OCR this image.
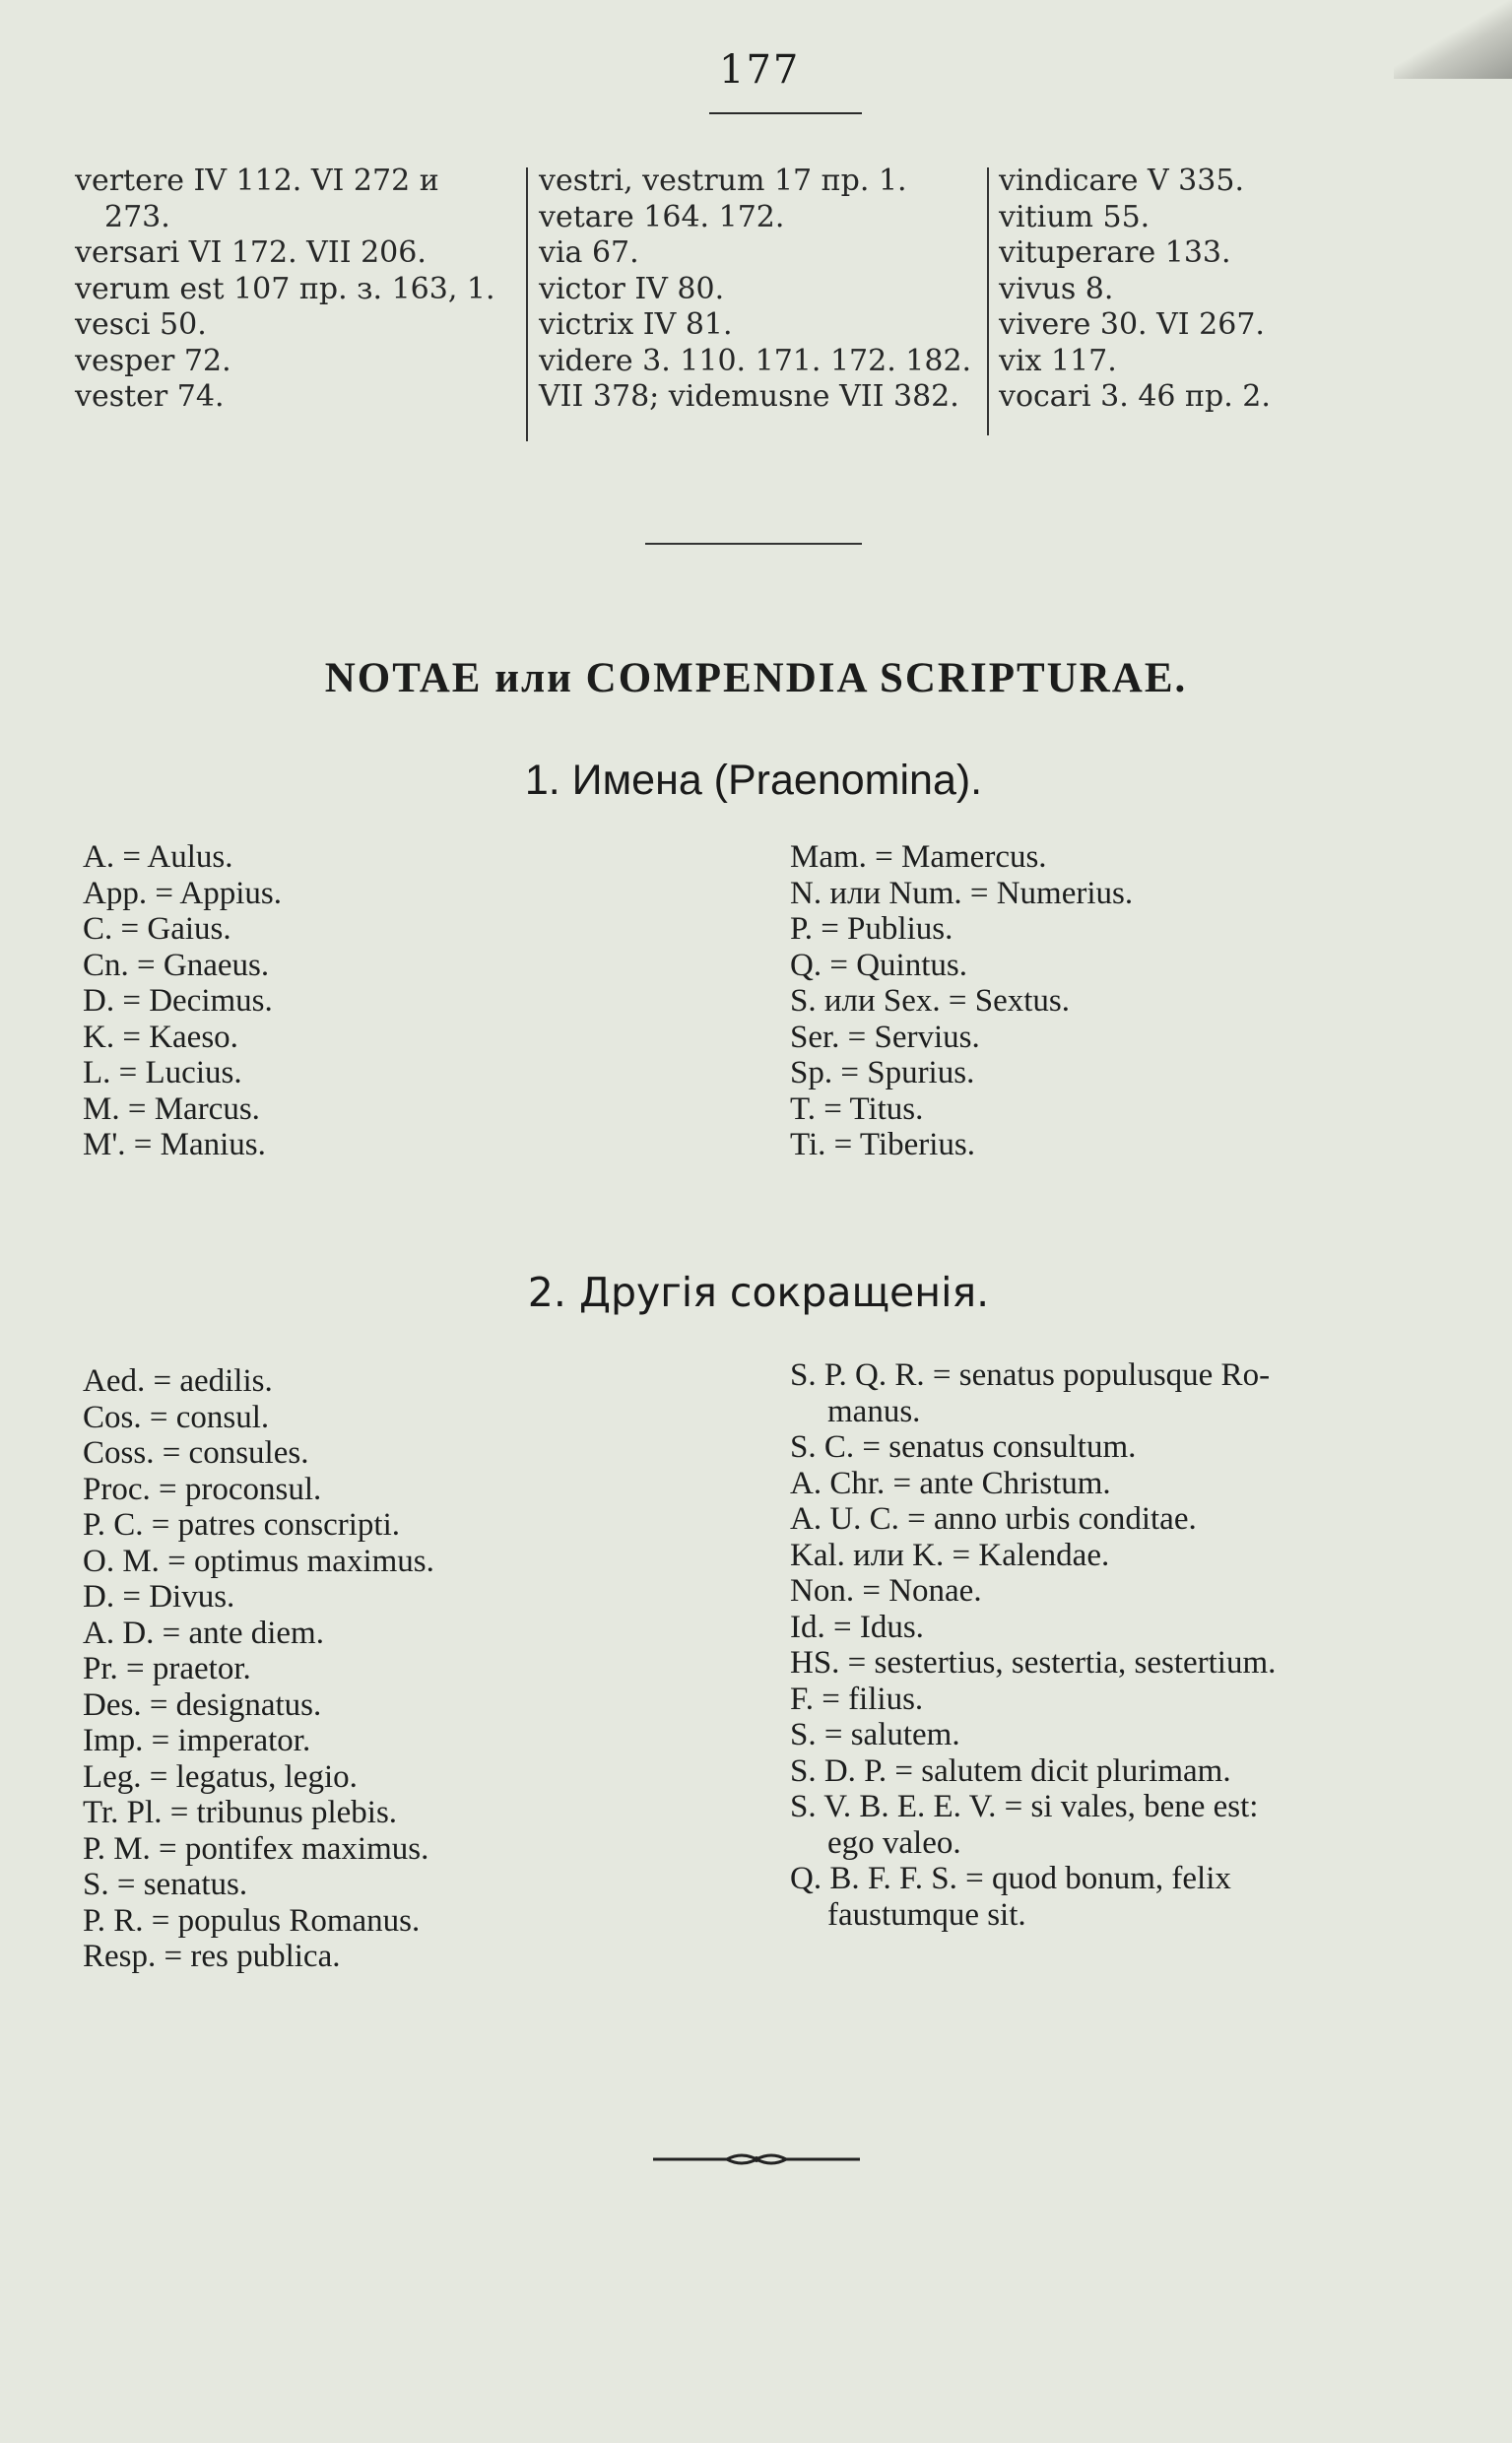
177
vertere IV 112. VI 272 и
273.
versari VI 172. VII 206.
verum est 107 пр. з. 163, 1.
vesci 50.
vesper 72.
vester 74.
vestri, vestrum 17 пр. 1.
vetare 164. 172.
via 67.
victor IV 80.
victrix IV 81.
videre 3. 110. 171. 172. 182.
VII 378; videmusne VII 382.
vindicare V 335.
vitium 55.
vituperare 133.
vivus 8.
vivere 30. VI 267.
vix 117.
vocari 3. 46 пр. 2.
NOTAE или COMPENDIA SCRIPTURAE.
1. Имена (Praenomina).
A. = Aulus.
App. = Appius.
C. = Gaius.
Cn. = Gnaeus.
D. = Decimus.
K. = Kaeso.
L. = Lucius.
M. = Marcus.
M'. = Manius.
Mam. = Mamercus.
N. или Num. = Numerius.
P. = Publius.
Q. = Quintus.
S. или Sex. = Sextus.
Ser. = Servius.
Sp. = Spurius.
T. = Titus.
Ti. = Tiberius.
2. Другія сокращенія.
Aed. = aedilis.
Cos. = consul.
Coss. = consules.
Proc. = proconsul.
P. C. = patres conscripti.
O. M. = optimus maximus.
D. = Divus.
A. D. = ante diem.
Pr. = praetor.
Des. = designatus.
Imp. = imperator.
Leg. = legatus, legio.
Tr. Pl. = tribunus plebis.
P. M. = pontifex maximus.
S. = senatus.
P. R. = populus Romanus.
Resp. = res publica.
S. P. Q. R. = senatus populusque Ro-
manus.
S. C. = senatus consultum.
A. Chr. = ante Christum.
A. U. C. = anno urbis conditae.
Kal. или K. = Kalendae.
Non. = Nonae.
Id. = Idus.
HS. = sestertius, sestertia, sestertium.
F. = filius.
S. = salutem.
S. D. P. = salutem dicit plurimam.
S. V. B. E. E. V. = si vales, bene est:
ego valeo.
Q. B. F. F. S. = quod bonum, felix
faustumque sit.
